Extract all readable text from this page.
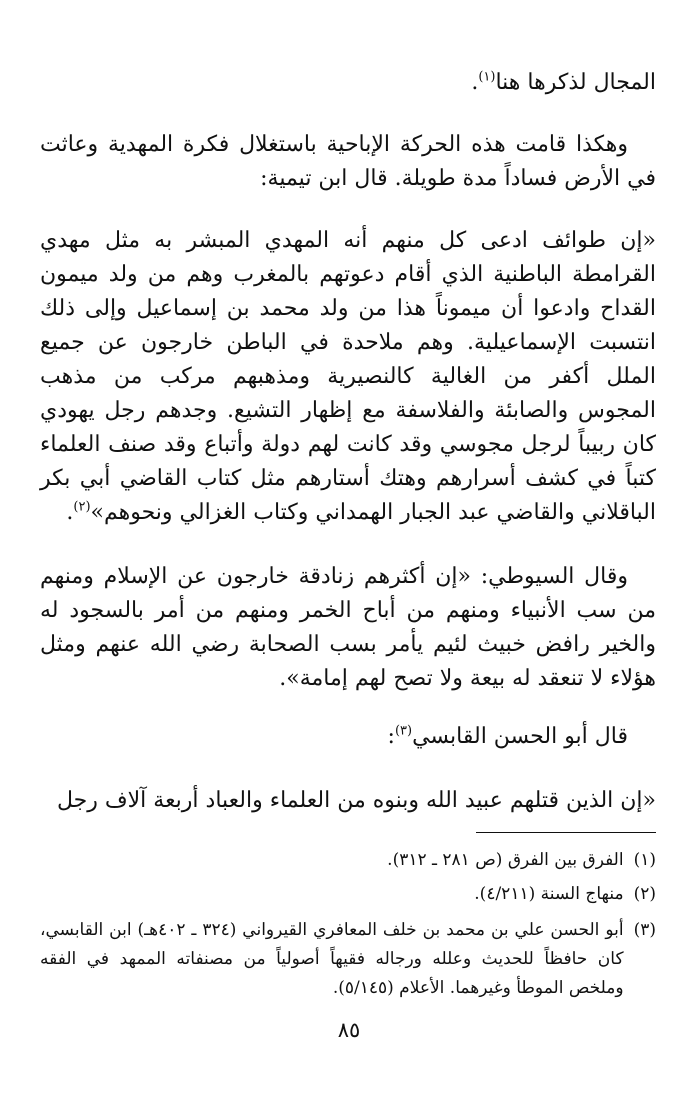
المجال لذكرها هنا$^{(١)}$.

وهكذا قامت هذه الحركة الإباحية باستغلال فكرة المهدية وعاثت في الأرض فساداً مدة طويلة. قال ابن تيمية:

«إن طوائف ادعى كل منهم أنه المهدي المبشر به مثل مهدي القرامطة الباطنية الذي أقام دعوتهم بالمغرب وهم من ولد ميمون القداح وادعوا أن ميموناً هذا من ولد محمد بن إسماعيل وإلى ذلك انتسبت الإسماعيلية. وهم ملاحدة في الباطن خارجون عن جميع الملل أكفر من الغالية كالنصيرية ومذهبهم مركب من مذهب المجوس والصابئة والفلاسفة مع إظهار التشيع. وجدهم رجل يهودي كان ربيباً لرجل مجوسي وقد كانت لهم دولة وأتباع وقد صنف العلماء كتباً في كشف أسرارهم وهتك أستارهم مثل كتاب القاضي أبي بكر الباقلاني والقاضي عبد الجبار الهمداني وكتاب الغزالي ونحوهم»$^{(٢)}$.

وقال السيوطي: «إن أكثرهم زنادقة خارجون عن الإسلام ومنهم من سب الأنبياء ومنهم من أباح الخمر ومنهم من أمر بالسجود له والخير رافض خبيث لئيم يأمر بسب الصحابة رضي الله عنهم ومثل هؤلاء لا تنعقد له بيعة ولا تصح لهم إمامة».

قال أبو الحسن القابسي$^{(٣)}$:

«إن الذين قتلهم عبيد الله وبنوه من العلماء والعباد أربعة آلاف رجل

(١)
الفرق بين الفرق (ص ٢٨١ ـ ٣١٢).
(٢)
منهاج السنة (٤/٢١١).
(٣)
أبو الحسن علي بن محمد بن خلف المعافري القيرواني (٣٢٤ ـ ٤٠٢هـ) ابن القابسي، كان حافظاً للحديث وعلله ورجاله فقيهاً أصولياً من مصنفاته الممهد في الفقه وملخص الموطأ وغيرهما. الأعلام (٥/١٤٥).
٨٥
